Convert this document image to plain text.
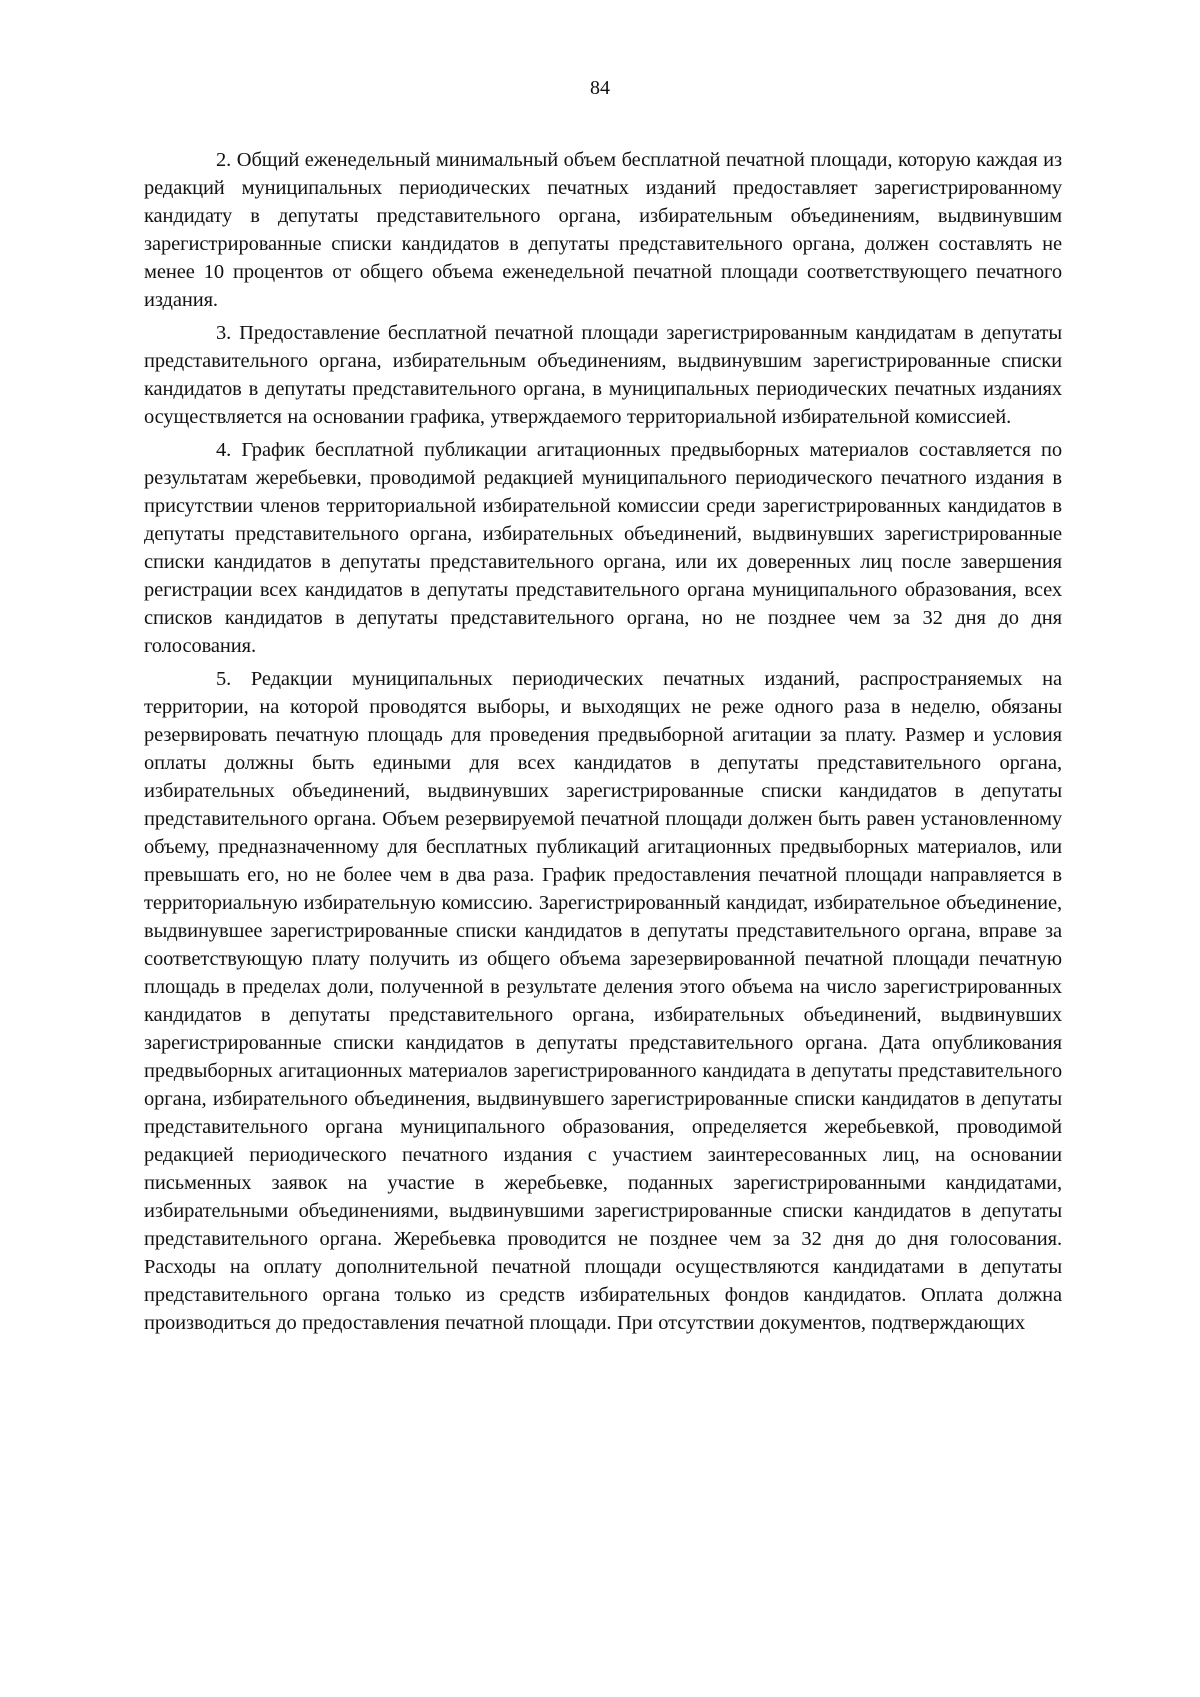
84

2. Общий еженедельный минимальный объем бесплатной печатной площади, которую каждая из редакций муниципальных периодических печатных изданий предоставляет зарегистрированному кандидату в депутаты представительного органа, избирательным объединениям, выдвинувшим зарегистрированные списки кандидатов в депутаты представительного органа, должен составлять не менее 10 процентов от общего объема еженедельной печатной площади соответствующего печатного издания.

3. Предоставление бесплатной печатной площади зарегистрированным кандидатам в депутаты представительного органа, избирательным объединениям, выдвинувшим зарегистрированные списки кандидатов в депутаты представительного органа, в муниципальных периодических печатных изданиях осуществляется на основании графика, утверждаемого территориальной избирательной комиссией.

4. График бесплатной публикации агитационных предвыборных материалов составляется по результатам жеребьевки, проводимой редакцией муниципального периодического печатного издания в присутствии членов территориальной избирательной комиссии среди зарегистрированных кандидатов в депутаты представительного органа, избирательных объединений, выдвинувших зарегистрированные списки кандидатов в депутаты представительного органа, или их доверенных лиц после завершения регистрации всех кандидатов в депутаты представительного органа муниципального образования, всех списков кандидатов в депутаты представительного органа, но не позднее чем за 32 дня до дня голосования.

5. Редакции муниципальных периодических печатных изданий, распространяемых на территории, на которой проводятся выборы, и выходящих не реже одного раза в неделю, обязаны резервировать печатную площадь для проведения предвыборной агитации за плату. Размер и условия оплаты должны быть едиными для всех кандидатов в депутаты представительного органа, избирательных объединений, выдвинувших зарегистрированные списки кандидатов в депутаты представительного органа. Объем резервируемой печатной площади должен быть равен установленному объему, предназначенному для бесплатных публикаций агитационных предвыборных материалов, или превышать его, но не более чем в два раза. График предоставления печатной площади направляется в территориальную избирательную комиссию. Зарегистрированный кандидат, избирательное объединение, выдвинувшее зарегистрированные списки кандидатов в депутаты представительного органа, вправе за соответствующую плату получить из общего объема зарезервированной печатной площади печатную площадь в пределах доли, полученной в результате деления этого объема на число зарегистрированных кандидатов в депутаты представительного органа, избирательных объединений, выдвинувших зарегистрированные списки кандидатов в депутаты представительного органа. Дата опубликования предвыборных агитационных материалов зарегистрированного кандидата в депутаты представительного органа, избирательного объединения, выдвинувшего зарегистрированные списки кандидатов в депутаты представительного органа муниципального образования, определяется жеребьевкой, проводимой редакцией периодического печатного издания с участием заинтересованных лиц, на основании письменных заявок на участие в жеребьевке, поданных зарегистрированными кандидатами, избирательными объединениями, выдвинувшими зарегистрированные списки кандидатов в депутаты представительного органа. Жеребьевка проводится не позднее чем за 32 дня до дня голосования. Расходы на оплату дополнительной печатной площади осуществляются кандидатами в депутаты представительного органа только из средств избирательных фондов кандидатов. Оплата должна производиться до предоставления печатной площади. При отсутствии документов, подтверждающих
